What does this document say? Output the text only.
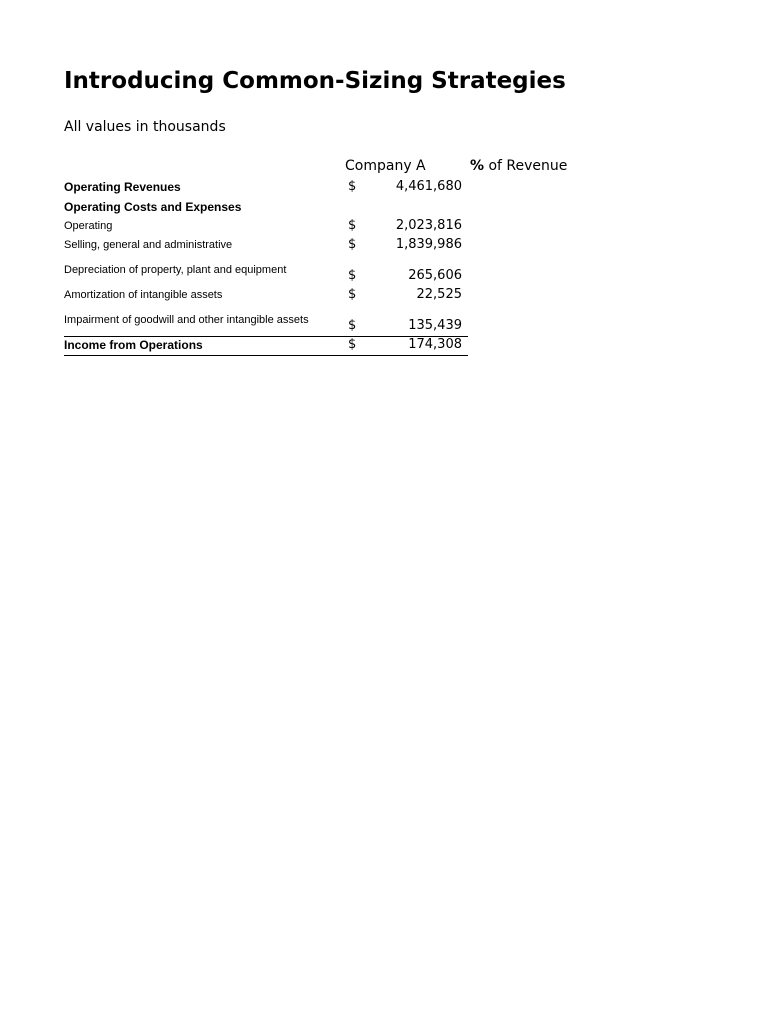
Introducing Common-Sizing Strategies
All values in thousands
Company A	% of Revenue
Operating Revenues	$	4,461,680
Operating Costs and Expenses
Operating	$	2,023,816
Selling, general and administrative	$	1,839,986
Depreciation of property, plant and equipment	$	265,606
Amortization of intangible assets	$	22,525
Impairment of goodwill and other intangible assets	$	135,439
Income from Operations	$	174,308
